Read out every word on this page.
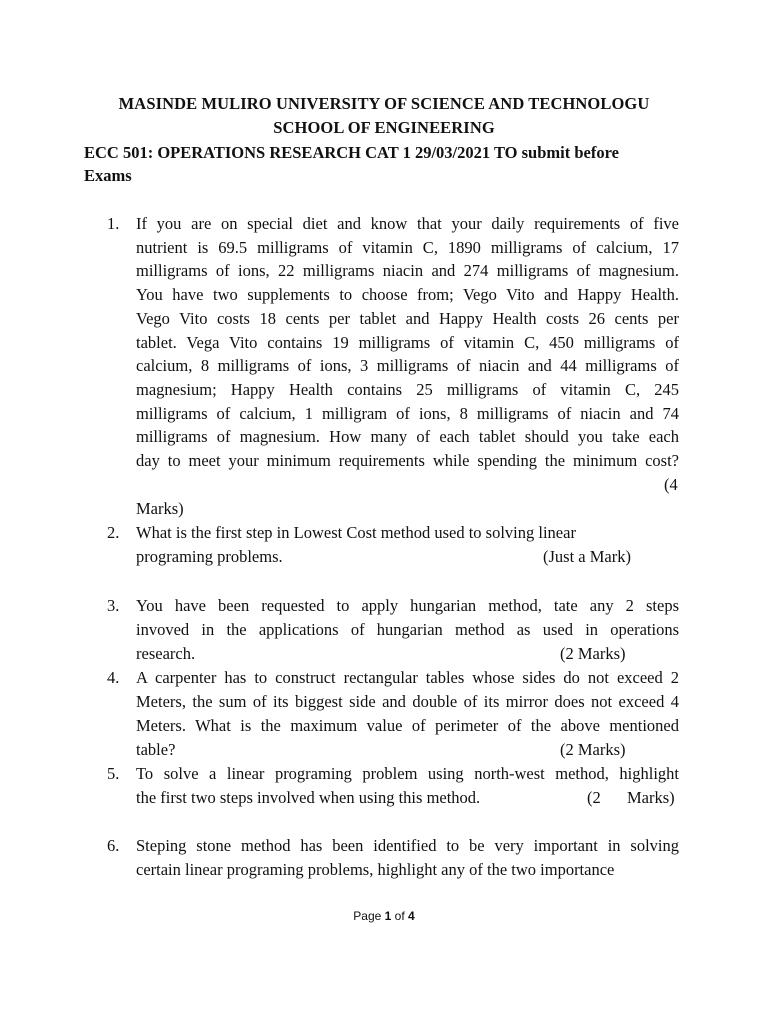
MASINDE MULIRO UNIVERSITY OF SCIENCE AND TECHNOLOGU
SCHOOL OF ENGINEERING
ECC 501: OPERATIONS RESEARCH CAT 1 29/03/2021 TO submit before
Exams
1. If you are on special diet and know that your daily requirements of five
nutrient is 69.5 milligrams of vitamin C, 1890 milligrams of calcium, 17
milligrams of ions, 22 milligrams niacin and 274 milligrams of magnesium.
You have two supplements to choose from; Vego Vito and Happy Health.
Vego Vito costs 18 cents per tablet and Happy Health costs 26 cents per
tablet. Vega Vito contains 19 milligrams of vitamin C, 450 milligrams of
calcium, 8 milligrams of ions, 3 milligrams of niacin and 44 milligrams of
magnesium; Happy Health contains 25 milligrams of vitamin C, 245
milligrams of calcium, 1 milligram of ions, 8 milligrams of niacin and 74
milligrams of magnesium. How many of each tablet should you take each
day to meet your minimum requirements while spending the minimum cost?
(4
Marks)
2. What is the first step in Lowest Cost method used to solving linear
programing problems.	(Just a Mark)
3. You have been requested to apply hungarian method, tate any 2 steps
invoved in the applications of hungarian method as used in operations
research.	(2 Marks)
4. A carpenter has to construct rectangular tables whose sides do not exceed 2
Meters, the sum of its biggest side and double of its mirror does not exceed 4
Meters. What is the maximum value of perimeter of the above mentioned
table?	(2 Marks)
5. To solve a linear programing problem using north-west method, highlight
the first two steps involved when using this method.	(2 Marks)
6. Steping stone method has been identified to be very important in solving
certain linear programing problems, highlight any of the two importance
Page 1 of 4
